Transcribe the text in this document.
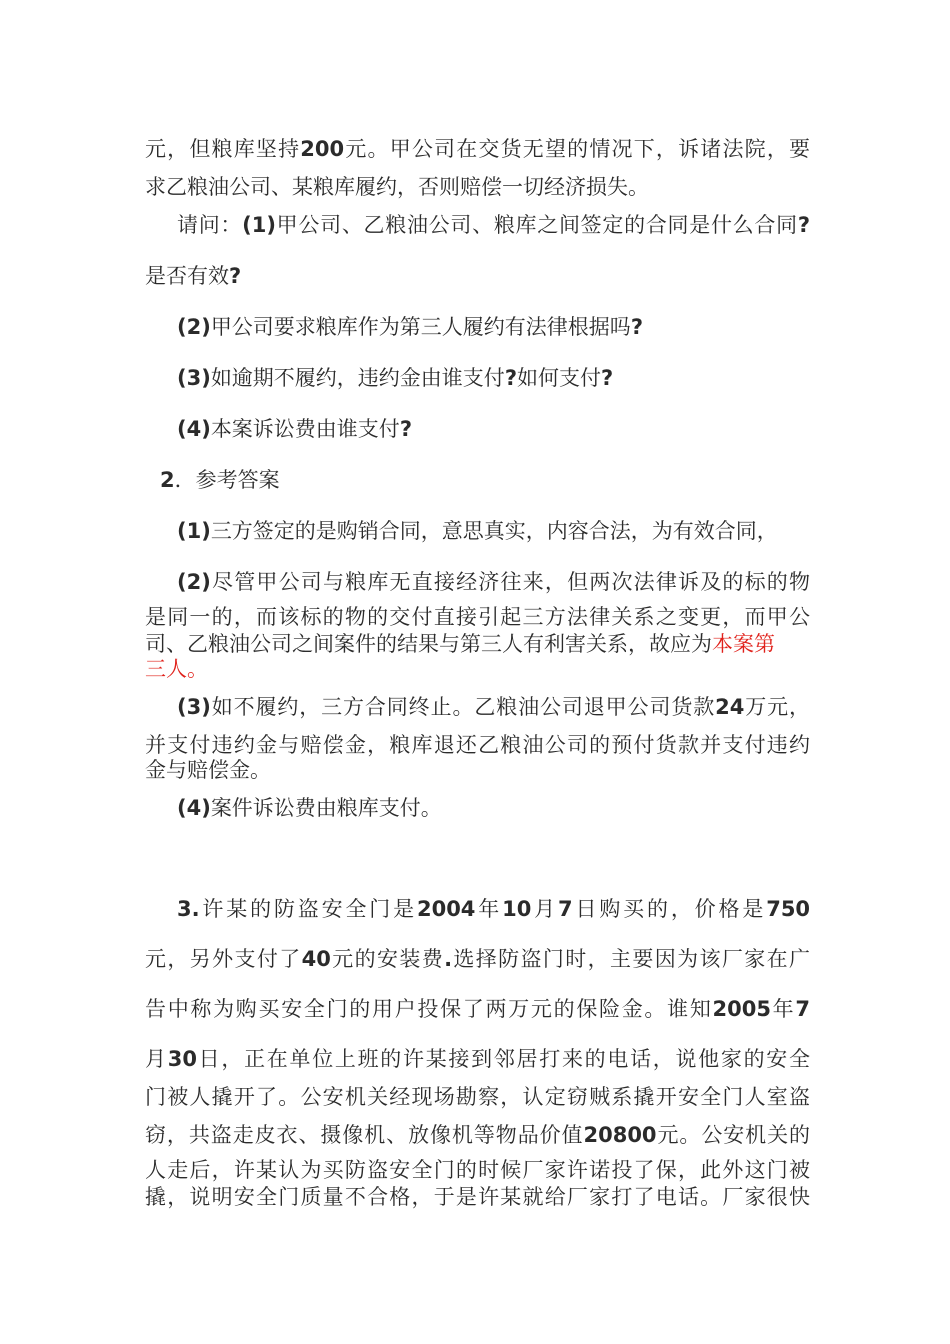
元，但粮库坚持200元。甲公司在交货无望的情况下，诉诸法院，要
求乙粮油公司、某粮库履约，否则赔偿一切经济损失。
请问：(1)甲公司、乙粮油公司、粮库之间签定的合同是什么合同?
是否有效?
(2)甲公司要求粮库作为第三人履约有法律根据吗?
(3)如逾期不履约，违约金由谁支付?如何支付?
(4)本案诉讼费由谁支付?
2．参考答案
(1)三方签定的是购销合同，意思真实，内容合法，为有效合同，
(2)尽管甲公司与粮库无直接经济往来，但两次法律诉及的标的物
是同一的，而该标的物的交付直接引起三方法律关系之变更，而甲公
司、乙粮油公司之间案件的结果与第三人有利害关系，故应为本案第
三人。
(3)如不履约，三方合同终止。乙粮油公司退甲公司货款24万元，
并支付违约金与赔偿金，粮库退还乙粮油公司的预付货款并支付违约
金与赔偿金。
(4)案件诉讼费由粮库支付。
3.许某的防盗安全门是2004年10月7日购买的，价格是750
元，另外支付了40元的安装费.选择防盗门时，主要因为该厂家在广
告中称为购买安全门的用户投保了两万元的保险金。谁知2005年7
月30日，正在单位上班的许某接到邻居打来的电话，说他家的安全
门被人撬开了。公安机关经现场勘察，认定窃贼系撬开安全门人室盗
窃，共盗走皮衣、摄像机、放像机等物品价值20800元。公安机关的
人走后，许某认为买防盗安全门的时候厂家许诺投了保，此外这门被
撬，说明安全门质量不合格，于是许某就给厂家打了电话。厂家很快
